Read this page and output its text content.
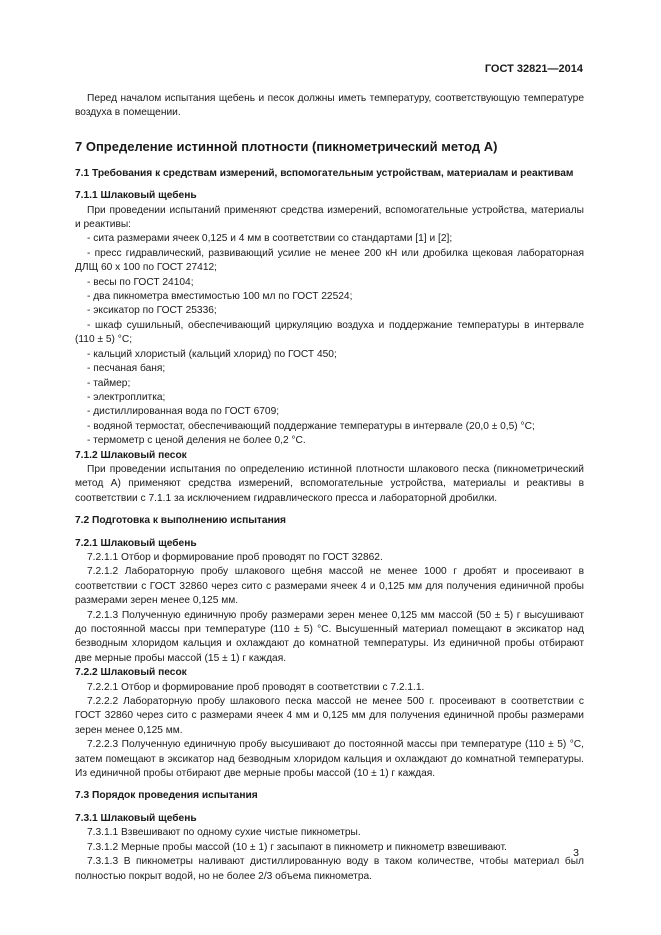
ГОСТ 32821—2014

Перед началом испытания щебень и песок должны иметь температуру, соответствующую температуре воздуха в помещении.

7 Определение истинной плотности (пикнометрический метод А)

7.1 Требования к средствам измерений, вспомогательным устройствам, материалам и реактивам

7.1.1 Шлаковый щебень

При проведении испытаний применяют средства измерений, вспомогательные устройства, материалы и реактивы:

- сита размерами ячеек 0,125 и 4 мм в соответствии со стандартами [1] и [2];

- пресс гидравлический, развивающий усилие не менее 200 кН или дробилка щековая лабораторная ДЛЩ 60 x 100 по ГОСТ 27412;

- весы по ГОСТ 24104;

- два пикнометра вместимостью 100 мл по ГОСТ 22524;

- эксикатор по ГОСТ 25336;

- шкаф сушильный, обеспечивающий циркуляцию воздуха и поддержание температуры в интервале (110 ± 5) °С;

- кальций хлористый (кальций хлорид) по ГОСТ 450;

- песчаная баня;

- таймер;

- электроплитка;

- дистиллированная вода по ГОСТ 6709;

- водяной термостат, обеспечивающий поддержание температуры в интервале (20,0 ± 0,5) °С;

- термометр с ценой деления не более 0,2 °С.

7.1.2 Шлаковый песок

При проведении испытания по определению истинной плотности шлакового песка (пикнометрический метод А) применяют средства измерений, вспомогательные устройства, материалы и реактивы в соответствии с 7.1.1 за исключением гидравлического пресса и лабораторной дробилки.

7.2 Подготовка к выполнению испытания

7.2.1 Шлаковый щебень

7.2.1.1 Отбор и формирование проб проводят по ГОСТ 32862.

7.2.1.2 Лабораторную пробу шлакового щебня массой не менее 1000 г дробят и просеивают в соответствии с ГОСТ 32860 через сито с размерами ячеек 4 и 0,125 мм для получения единичной пробы размерами зерен менее 0,125 мм.

7.2.1.3 Полученную единичную пробу размерами зерен менее 0,125 мм массой (50 ± 5) г высушивают до постоянной массы при температуре (110 ± 5) °С. Высушенный материал помещают в эксикатор над безводным хлоридом кальция и охлаждают до комнатной температуры. Из единичной пробы отбирают две мерные пробы массой (15 ± 1) г каждая.

7.2.2 Шлаковый песок

7.2.2.1 Отбор и формирование проб проводят в соответствии с 7.2.1.1.

7.2.2.2 Лабораторную пробу шлакового песка массой не менее 500 г. просеивают в соответствии с ГОСТ 32860 через сито с размерами ячеек 4 мм и 0,125 мм для получения единичной пробы размерами зерен менее 0,125 мм.

7.2.2.3 Полученную единичную пробу высушивают до постоянной массы при температуре (110 ± 5) °С, затем помещают в эксикатор над безводным хлоридом кальция и охлаждают до комнатной температуры. Из единичной пробы отбирают две мерные пробы массой (10 ± 1) г каждая.

7.3 Порядок проведения испытания

7.3.1 Шлаковый щебень

7.3.1.1 Взвешивают по одному сухие чистые пикнометры.

7.3.1.2 Мерные пробы массой (10 ± 1) г засыпают в пикнометр и пикнометр взвешивают.

7.3.1.3 В пикнометры наливают дистиллированную воду в таком количестве, чтобы материал был полностью покрыт водой, но не более 2/3 объема пикнометра.

3
